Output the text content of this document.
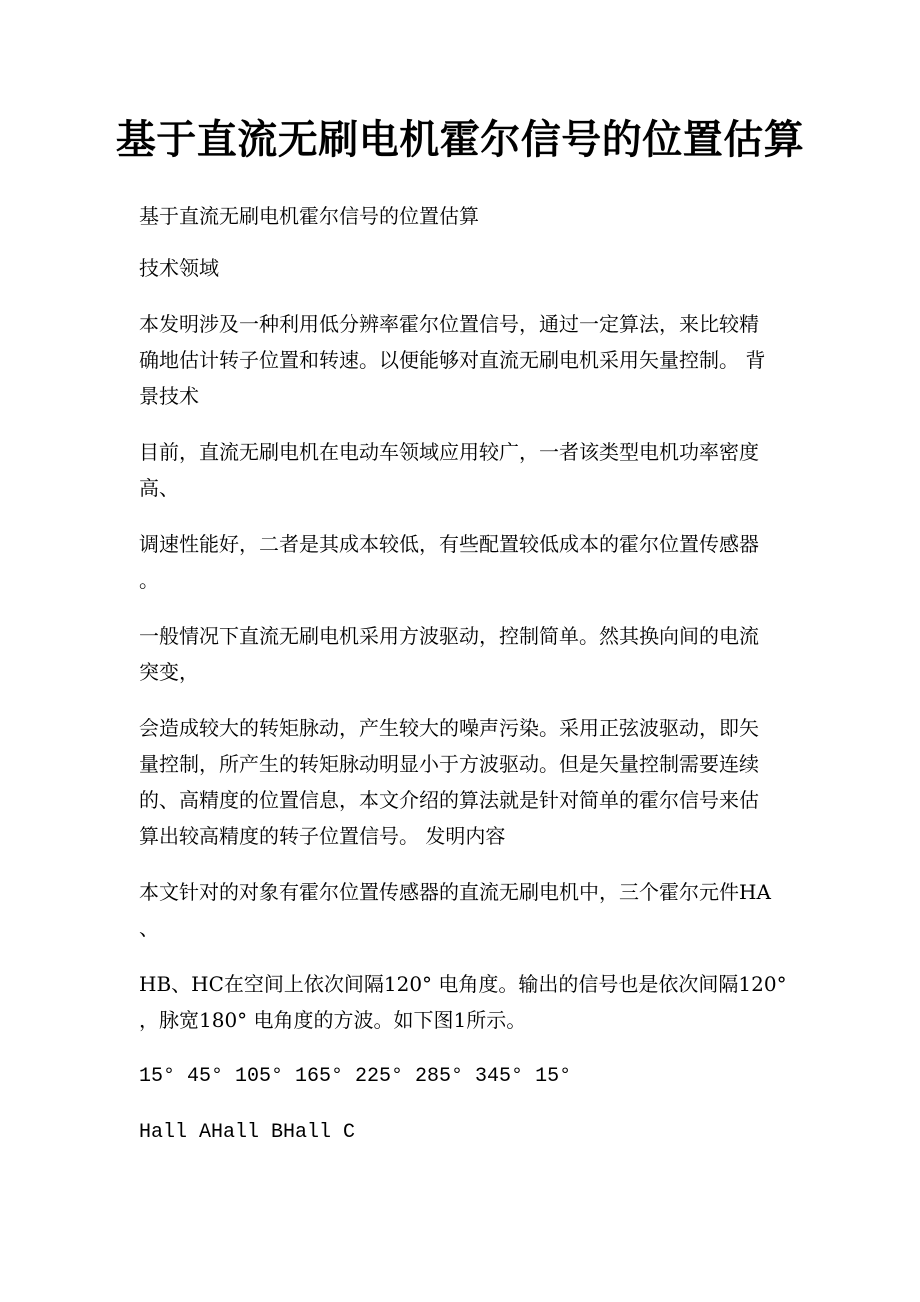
基于直流无刷电机霍尔信号的位置估算
基于直流无刷电机霍尔信号的位置估算
技术领域
本发明涉及一种利用低分辨率霍尔位置信号，通过一定算法，来比较精
确地估计转子位置和转速。以便能够对直流无刷电机采用矢量控制。 背
景技术
目前，直流无刷电机在电动车领域应用较广，一者该类型电机功率密度
高、
调速性能好，二者是其成本较低，有些配置较低成本的霍尔位置传感器
。
一般情况下直流无刷电机采用方波驱动，控制简单。然其换向间的电流
突变，
会造成较大的转矩脉动，产生较大的噪声污染。采用正弦波驱动，即矢
量控制，所产生的转矩脉动明显小于方波驱动。但是矢量控制需要连续
的、高精度的位置信息，本文介绍的算法就是针对简单的霍尔信号来估
算出较高精度的转子位置信号。 发明内容
本文针对的对象有霍尔位置传感器的直流无刷电机中，三个霍尔元件HA
、
HB、HC在空间上依次间隔120° 电角度。输出的信号也是依次间隔120°
，脉宽180° 电角度的方波。如下图1所示。
15° 45° 105° 165° 225° 285° 345° 15°
Hall AHall BHall C
